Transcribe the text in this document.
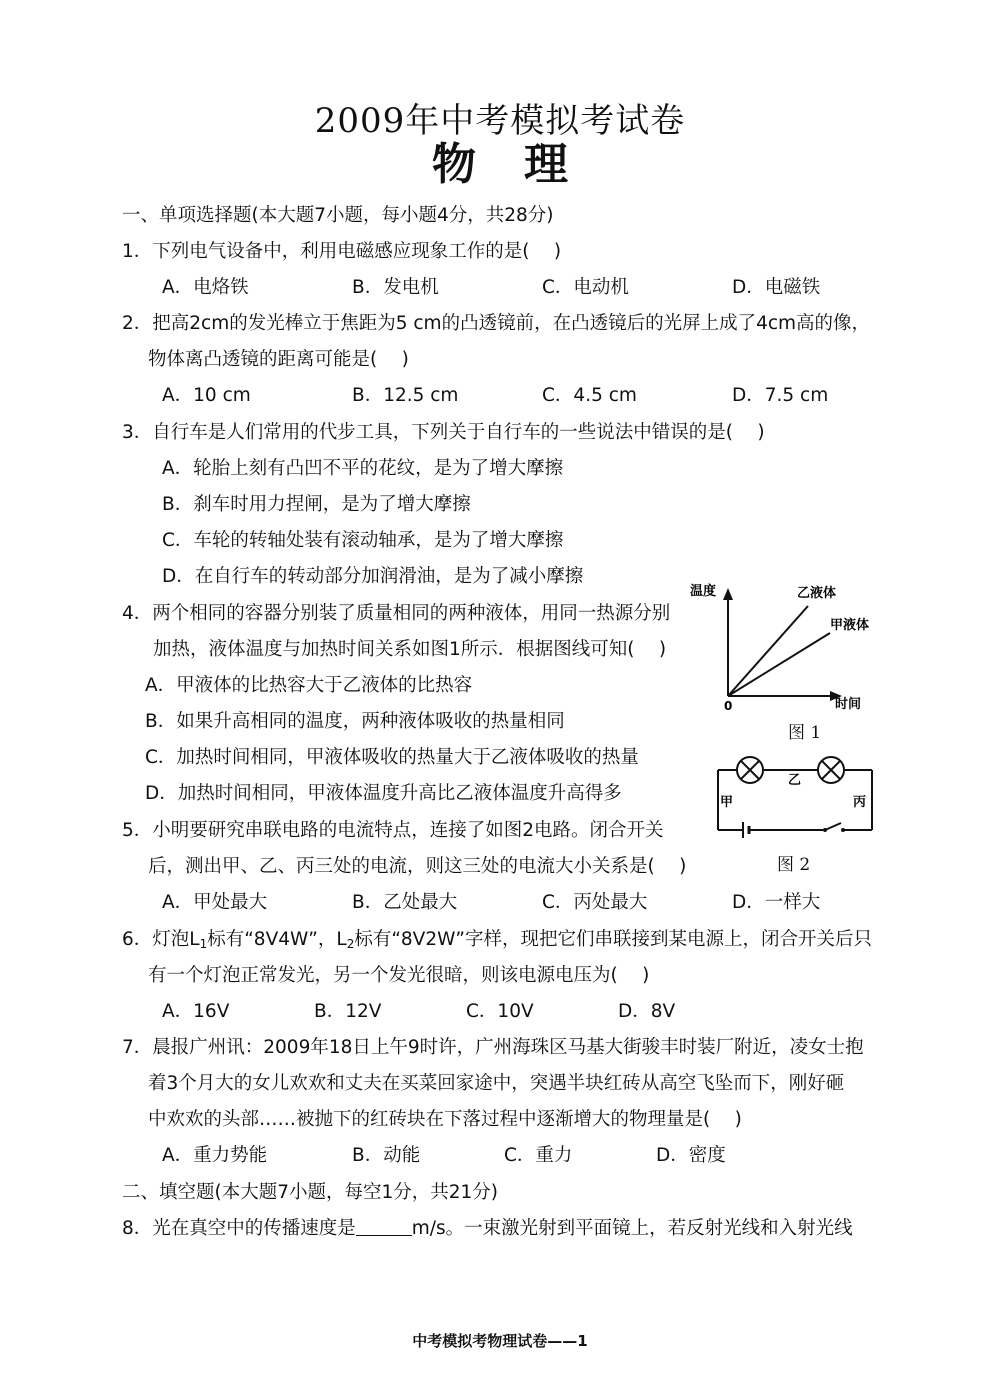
2009年中考模拟考试卷
物理
一、单项选择题(本大题7小题，每小题4分，共28分)
1．下列电气设备中，利用电磁感应现象工作的是(　 )
A．电烙铁	B．发电机	C．电动机	D．电磁铁
2．把高2cm的发光棒立于焦距为5 cm的凸透镜前，在凸透镜后的光屏上成了4cm高的像，
物体离凸透镜的距离可能是(　 )
A．10 cm	B．12.5 cm	C．4.5 cm	D．7.5 cm
3．自行车是人们常用的代步工具，下列关于自行车的一些说法中错误的是(　 )
A．轮胎上刻有凸凹不平的花纹，是为了增大摩擦
B．刹车时用力捏闸，是为了增大摩擦
C．车轮的转轴处装有滚动轴承，是为了增大摩擦
D．在自行车的转动部分加润滑油，是为了减小摩擦
4．两个相同的容器分别装了质量相同的两种液体，用同一热源分别
加热，液体温度与加热时间关系如图1所示．根据图线可知(　 )
A．甲液体的比热容大于乙液体的比热容
B．如果升高相同的温度，两种液体吸收的热量相同
C．加热时间相同，甲液体吸收的热量大于乙液体吸收的热量
D．加热时间相同，甲液体温度升高比乙液体温度升高得多
温度	乙液体
甲液体
0	时间
图 1
甲
乙
丙
图 2
5．小明要研究串联电路的电流特点，连接了如图2电路。闭合开关
后，测出甲、乙、丙三处的电流，则这三处的电流大小关系是(　 )
A．甲处最大	B．乙处最大	C．丙处最大	D．一样大
6．灯泡$L_1$标有“8V4W”，$L_2$标有“8V2W”字样，现把它们串联接到某电源上，闭合开关后只
有一个灯泡正常发光，另一个发光很暗，则该电源电压为(　 )
A．16V	B．12V	C．10V	D．8V
7．晨报广州讯：2009年18日上午9时许，广州海珠区马基大街骏丰时装厂附近，凌女士抱
着3个月大的女儿欢欢和丈夫在买菜回家途中，突遇半块红砖从高空飞坠而下，刚好砸
中欢欢的头部……被抛下的红砖块在下落过程中逐渐增大的物理量是(　 )
A．重力势能	B．动能	C．重力	D．密度
二、填空题(本大题7小题，每空1分，共21分)
8．光在真空中的传播速度是	m/s。一束激光射到平面镜上，若反射光线和入射光线
中考模拟考物理试卷——1
